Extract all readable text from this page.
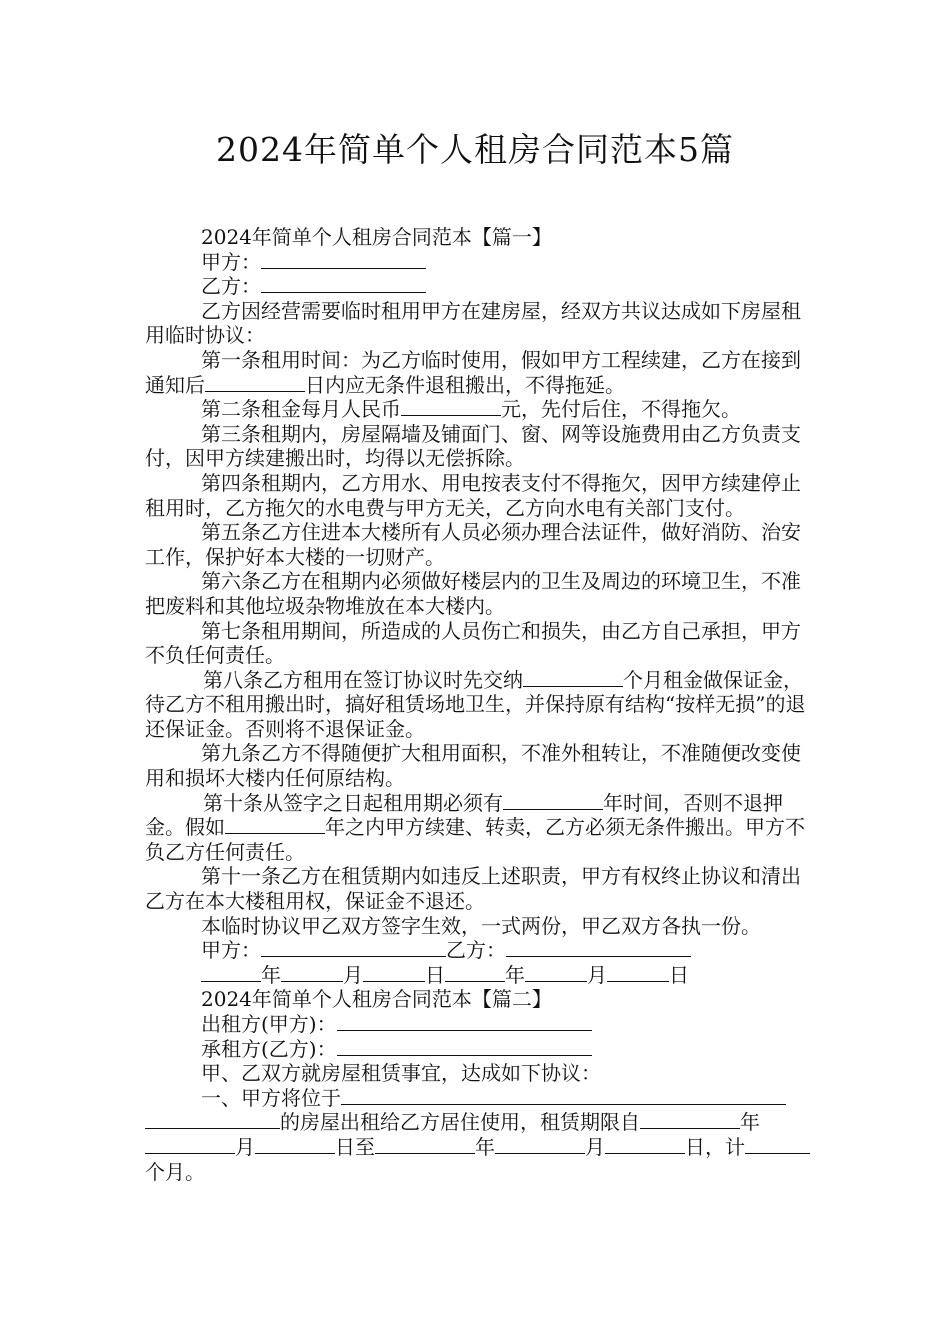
2024年简单个人租房合同范本5篇

2024年简单个人租房合同范本【篇一】

甲方：

乙方：

乙方因经营需要临时租用甲方在建房屋，经双方共议达成如下房屋租用临时协议：

第一条租用时间：为乙方临时使用，假如甲方工程续建，乙方在接到通知后	日内应无条件退租搬出，不得拖延。

第二条租金每月人民币	元，先付后住，不得拖欠。

第三条租期内，房屋隔墙及铺面门、窗、网等设施费用由乙方负责支付，因甲方续建搬出时，均得以无偿拆除。

第四条租期内，乙方用水、用电按表支付不得拖欠，因甲方续建停止租用时，乙方拖欠的水电费与甲方无关，乙方向水电有关部门支付。

第五条乙方住进本大楼所有人员必须办理合法证件，做好消防、治安工作，保护好本大楼的一切财产。

第六条乙方在租期内必须做好楼层内的卫生及周边的环境卫生，不准把废料和其他垃圾杂物堆放在本大楼内。

第七条租用期间，所造成的人员伤亡和损失，由乙方自己承担，甲方不负任何责任。

第八条乙方租用在签订协议时先交纳	个月租金做保证金，待乙方不租用搬出时，搞好租赁场地卫生，并保持原有结构“按样无损”的退还保证金。否则将不退保证金。

第九条乙方不得随便扩大租用面积，不准外租转让，不准随便改变使用和损坏大楼内任何原结构。

第十条从签字之日起租用期必须有	年时间，否则不退押金。假如	年之内甲方续建、转卖，乙方必须无条件搬出。甲方不负乙方任何责任。

第十一条乙方在租赁期内如违反上述职责，甲方有权终止协议和清出乙方在本大楼租用权，保证金不退还。

本临时协议甲乙双方签字生效，一式两份，甲乙双方各执一份。

甲方：	乙方：

年	月	日	年	月	日

2024年简单个人租房合同范本【篇二】

出租方(甲方)：

承租方(乙方)：

甲、乙双方就房屋租赁事宜，达成如下协议：

一、甲方将位于的房屋出租给乙方居住使用，租赁期限自	年月	日至	年	月	日，计个月。
